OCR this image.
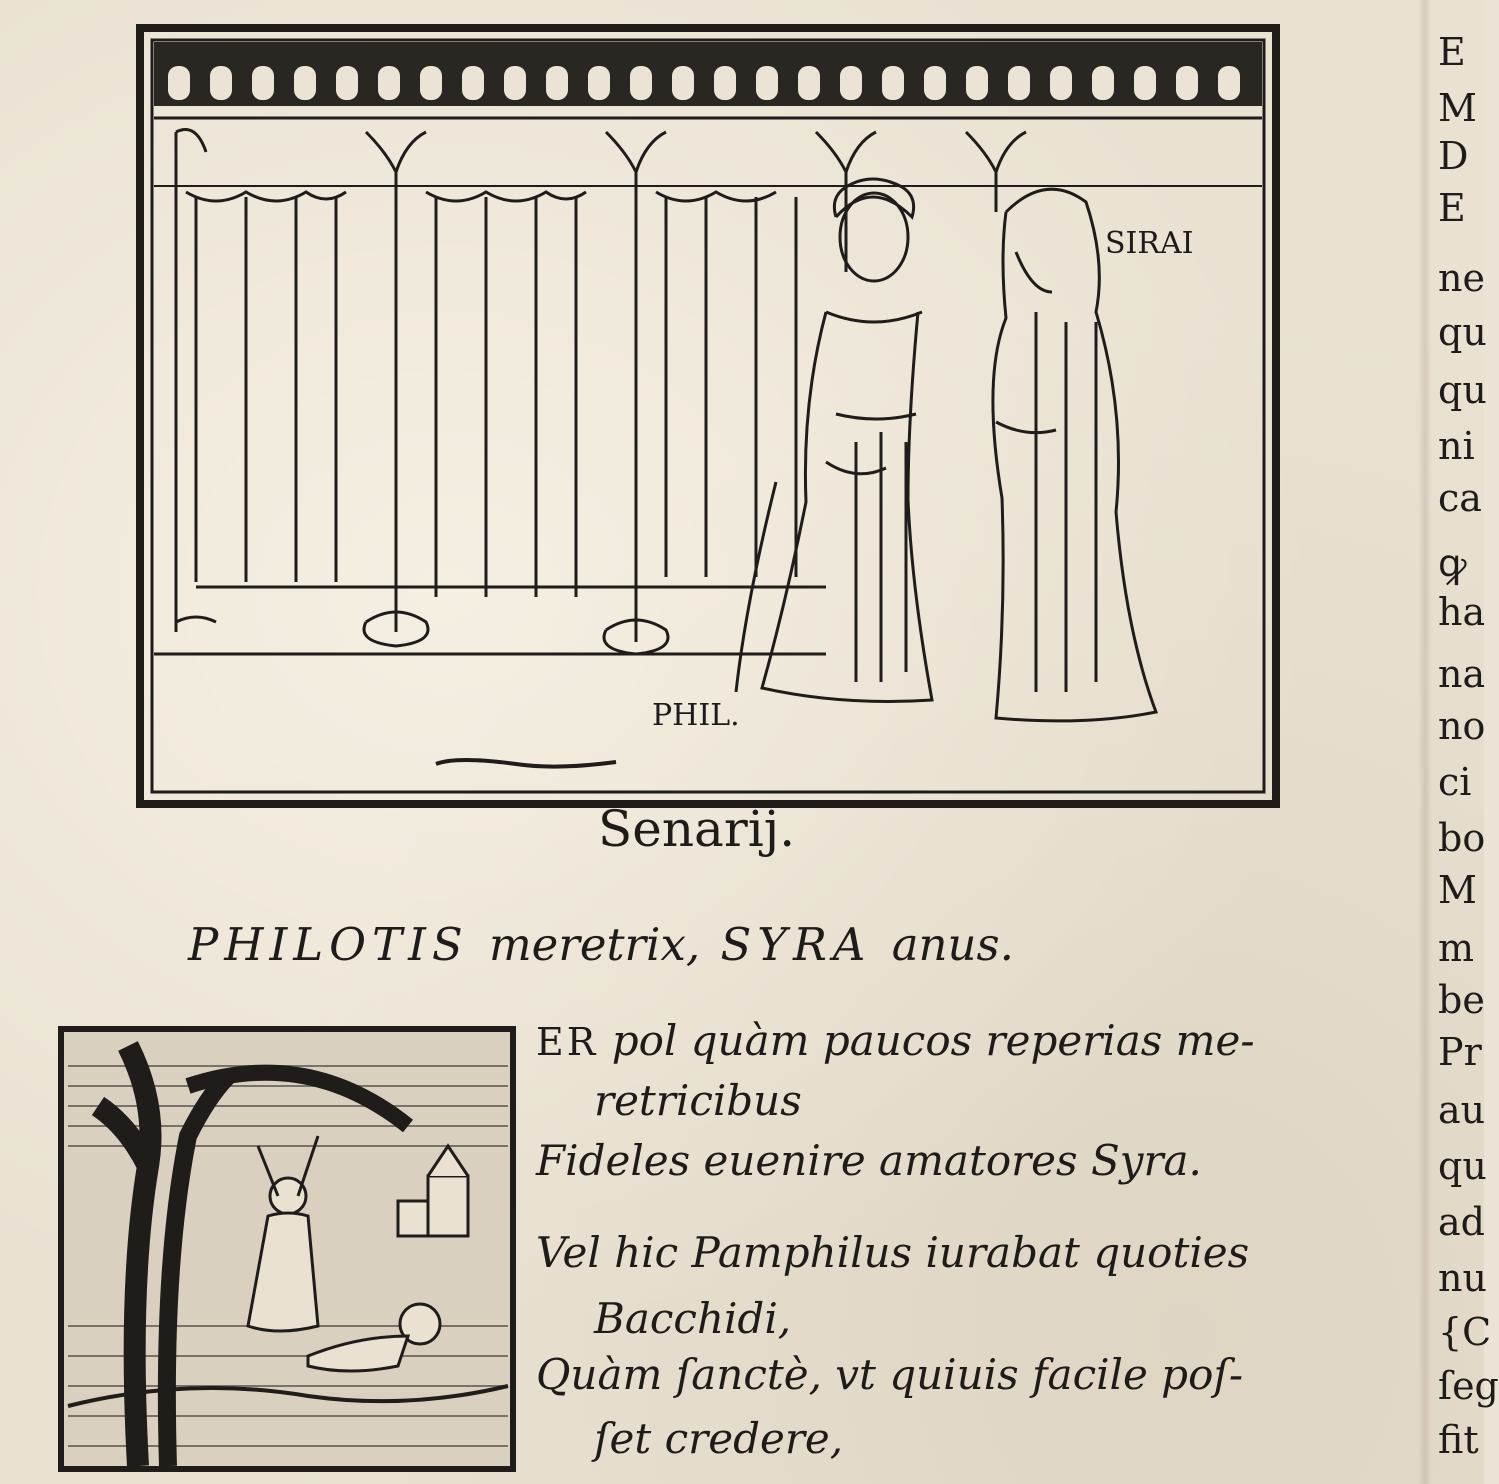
SIRAI
PHIL.
Senarij.
PHILOTIS meretrix, SYRA anus.
ER pol quàm paucos reperias me-
retricibus
Fideles euenire amatores Syra.
Vel hic Pamphilus iurabat quoties
Bacchidi,
Quàm ſanctè, vt quiuis facile poſ-
ſet credere,
E
M
D
E
ne
qu
qu
ni
ca
ꝙ
ha
na
no
ci
bo
M
m
be
Pr
au
qu
ad
nu
{C
ſeg
fit
